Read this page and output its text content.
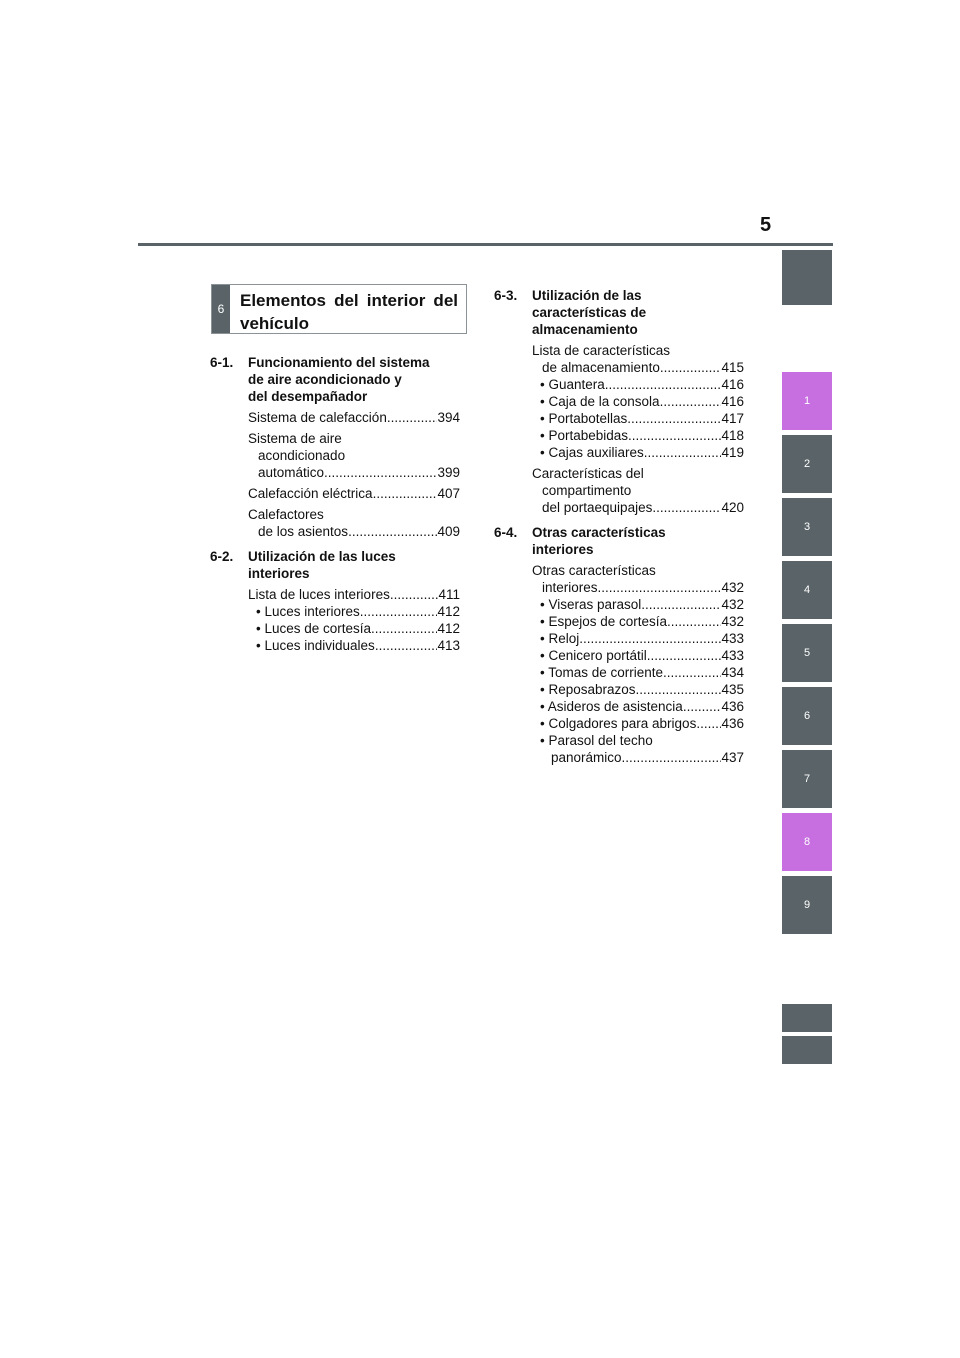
5
1
2
3
4
5
6
7
8
9
6 Elementos del interior del vehículo
6-1.	Funcionamiento del sistema
de aire acondicionado y
del desempañador
Sistema de calefacción .....	394
Sistema de aire
acondicionado
automático .....	399
Calefacción eléctrica .....	407
Calefactores
de los asientos .....	409
6-2.	Utilización de las luces
interiores
Lista de luces interiores .....	411
• Luces interiores .....	412
• Luces de cortesía .....	412
• Luces individuales .....	413
6-3.	Utilización de las
características de
almacenamiento
Lista de características
de almacenamiento .....	415
• Guantera .....	416
• Caja de la consola .....	416
• Portabotellas .....	417
• Portabebidas .....	418
• Cajas auxiliares .....	419
Características del
compartimento
del portaequipajes .....	420
6-4.	Otras características
interiores
Otras características
interiores .....	432
• Viseras parasol .....	432
• Espejos de cortesía .....	432
• Reloj .....	433
• Cenicero portátil .....	433
• Tomas de corriente .....	434
• Reposabrazos .....	435
• Asideros de asistencia .....	436
• Colgadores para abrigos ..... 436
• Parasol del techo
panorámico .....	437
